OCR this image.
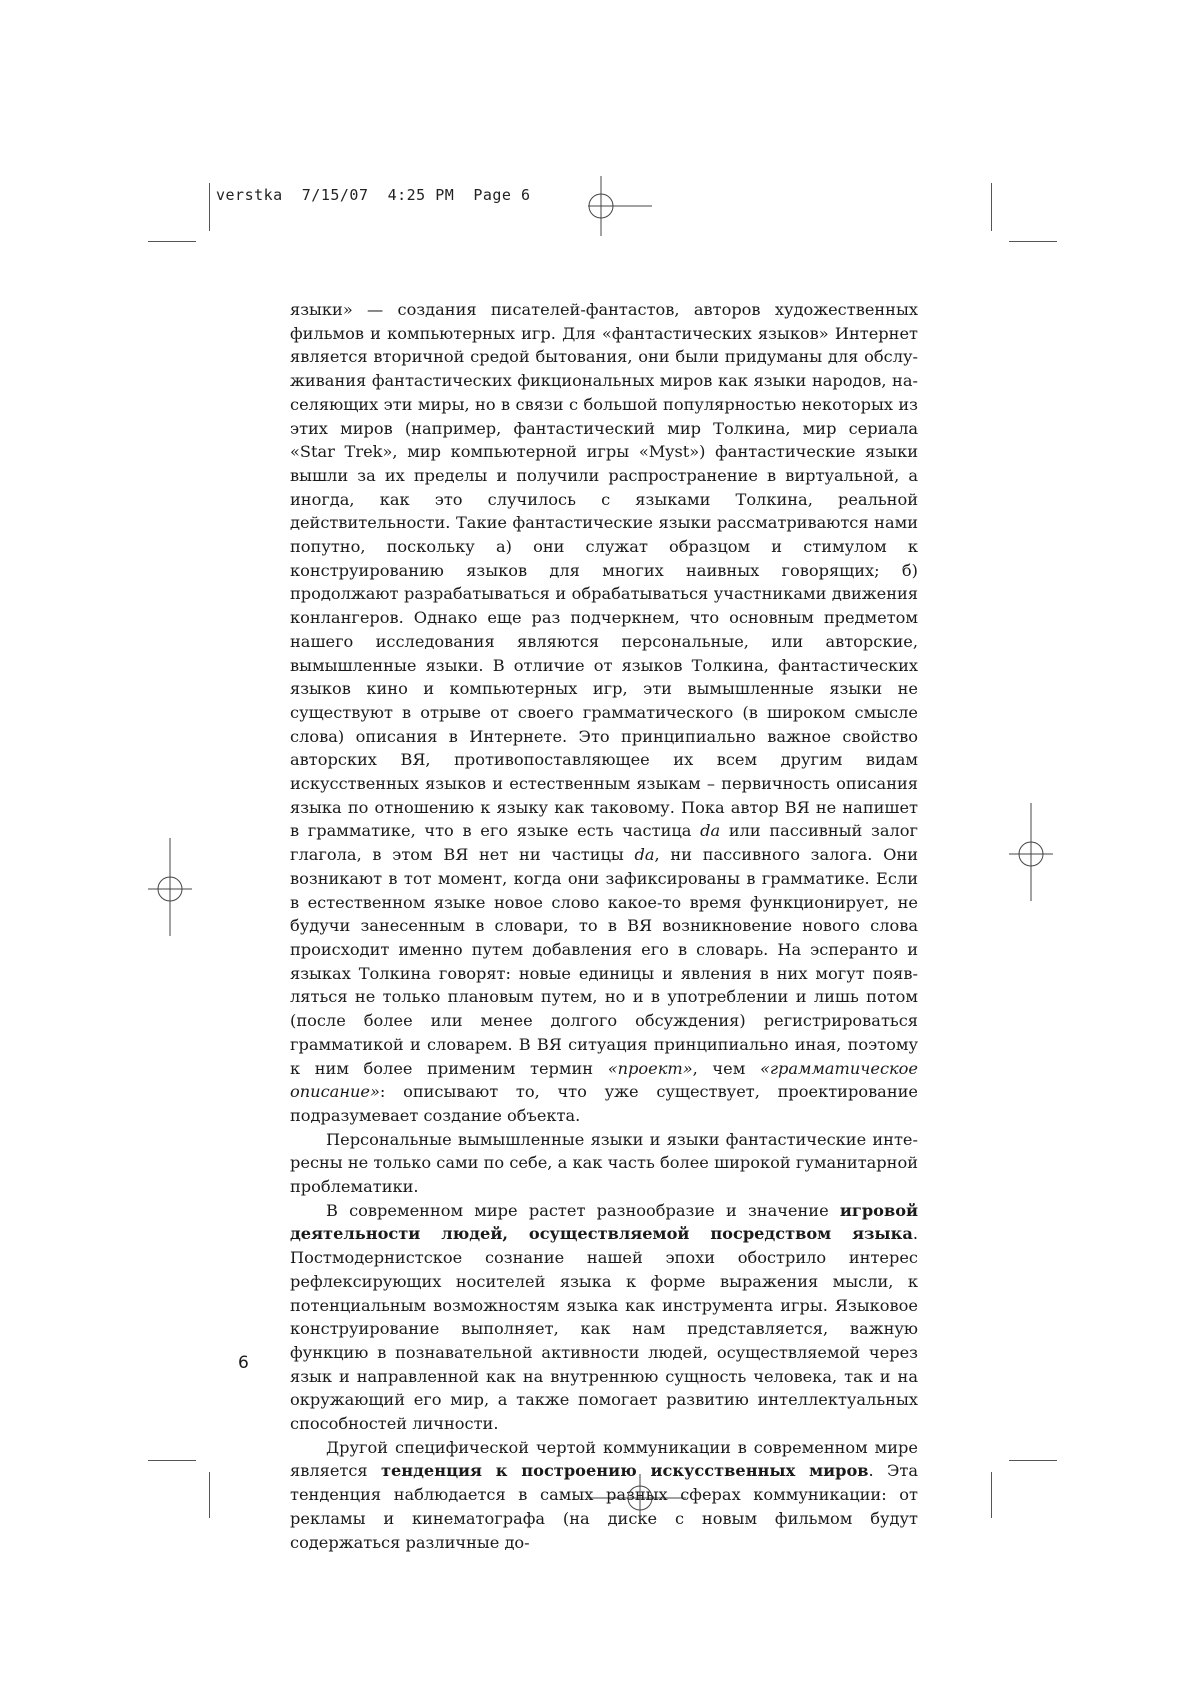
verstka 7/15/07 4:25 PM Page 6

языки» — создания писателей-фантастов, авторов художественных фильмов и компьютерных игр. Для «фантастических языков» Интернет является вторичной средой бытования, они были придуманы для обслуживания фантастических фикциональных миров как языки народов, населяющих эти миры, но в связи с большой популярностью некоторых из этих миров (например, фантастический мир Толкина, мир сериала «Star Trek», мир компьютерной игры «Myst») фантастические языки вышли за их пределы и получили распространение в виртуальной, а иногда, как это случилось с языками Толкина, реальной действительности. Такие фантастические языки рассматриваются нами попутно, поскольку а) они служат образцом и стимулом к конструированию языков для многих наивных говорящих; б) продолжают разрабатываться и обрабатываться участниками движения конлангеров. Однако еще раз подчеркнем, что основным предметом нашего исследования являются персональные, или авторские, вымышленные языки. В отличие от языков Толкина, фантастических языков кино и компьютерных игр, эти вымышленные языки не существуют в отрыве от своего грамматического (в широком смысле слова) описания в Интернете. Это принципиально важное свойство авторских ВЯ, противопоставляющее их всем другим видам искусственных языков и естественным языкам – первичность описания языка по отношению к языку как таковому. Пока автор ВЯ не напишет в грамматике, что в его языке есть частица da или пассивный залог глагола, в этом ВЯ нет ни частицы da, ни пассивного залога. Они возникают в тот момент, когда они зафиксированы в грамматике. Если в естественном языке новое слово какое-то время функционирует, не будучи занесенным в словари, то в ВЯ возникновение нового слова происходит именно путем добавления его в словарь. На эсперанто и языках Толкина говорят: новые единицы и явления в них могут появляться не только плановым путем, но и в употреблении и лишь потом (после более или менее долгого обсуждения) регистрироваться грамматикой и словарем. В ВЯ ситуация принципиально иная, поэтому к ним более применим термин «проект», чем «грамматическое описание»: описывают то, что уже существует, проектирование подразумевает создание объекта.

Персональные вымышленные языки и языки фантастические интересны не только сами по себе, а как часть более широкой гуманитарной проблематики.

В современном мире растет разнообразие и значение игровой деятельности людей, осуществляемой посредством языка. Постмодернистское сознание нашей эпохи обострило интерес рефлексирующих носителей языка к форме выражения мысли, к потенциальным возможностям языка как инструмента игры. Языковое конструирование выполняет, как нам представляется, важную функцию в познавательной активности людей, осуществляемой через язык и направленной как на внутреннюю сущность человека, так и на окружающий его мир, а также помогает развитию интеллектуальных способностей личности.

Другой специфической чертой коммуникации в современном мире является тенденция к построению искусственных миров. Эта тенденция наблюдается в самых разных сферах коммуникации: от рекламы и кинематографа (на диске с новым фильмом будут содержаться различные до-

6
